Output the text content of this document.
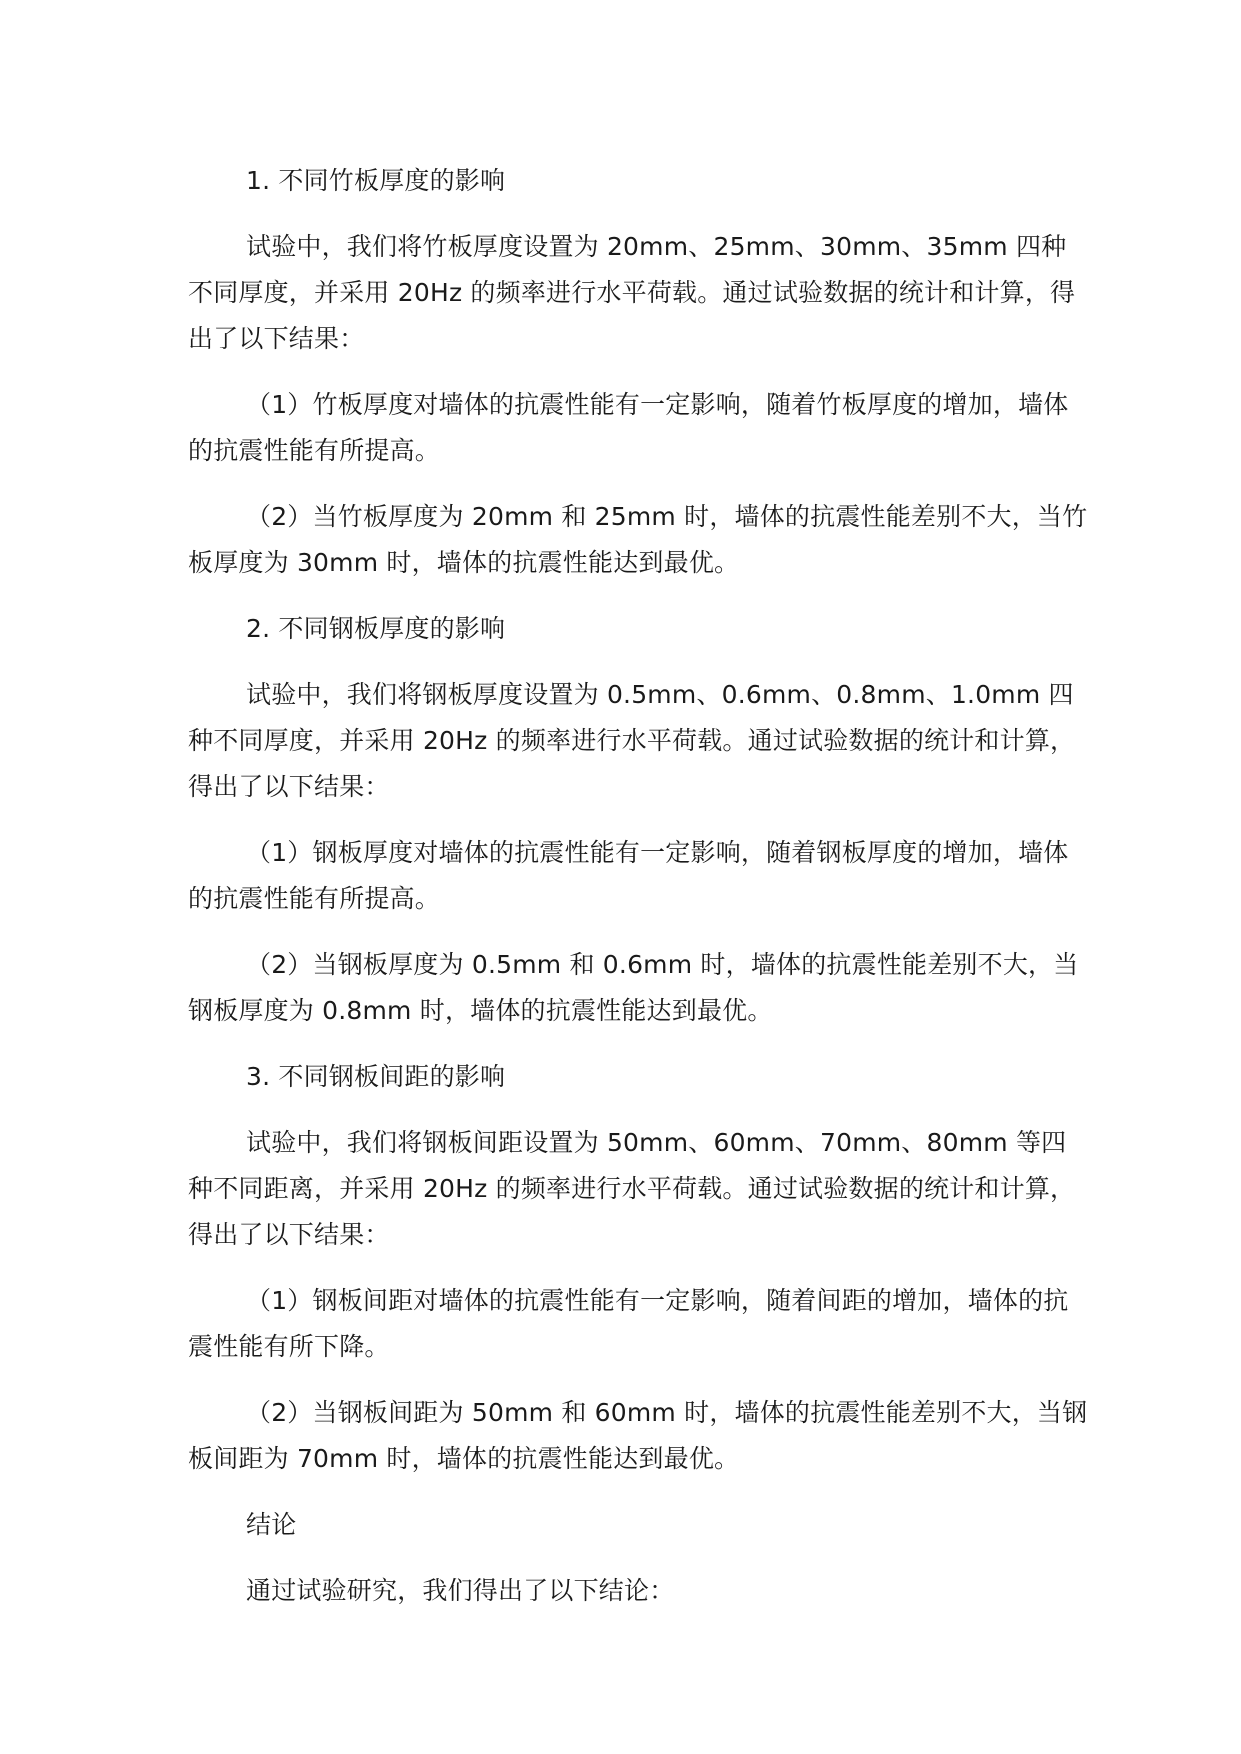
1. 不同竹板厚度的影响

试验中，我们将竹板厚度设置为 20mm、25mm、30mm、35mm 四种不同厚度，并采用 20Hz 的频率进行水平荷载。通过试验数据的统计和计算，得出了以下结果：

（1）竹板厚度对墙体的抗震性能有一定影响，随着竹板厚度的增加，墙体的抗震性能有所提高。

（2）当竹板厚度为 20mm 和 25mm 时，墙体的抗震性能差别不大，当竹板厚度为 30mm 时，墙体的抗震性能达到最优。

2. 不同钢板厚度的影响

试验中，我们将钢板厚度设置为 0.5mm、0.6mm、0.8mm、1.0mm 四种不同厚度，并采用 20Hz 的频率进行水平荷载。通过试验数据的统计和计算，得出了以下结果：

（1）钢板厚度对墙体的抗震性能有一定影响，随着钢板厚度的增加，墙体的抗震性能有所提高。

（2）当钢板厚度为 0.5mm 和 0.6mm 时，墙体的抗震性能差别不大，当钢板厚度为 0.8mm 时，墙体的抗震性能达到最优。

3. 不同钢板间距的影响

试验中，我们将钢板间距设置为 50mm、60mm、70mm、80mm 等四种不同距离，并采用 20Hz 的频率进行水平荷载。通过试验数据的统计和计算，得出了以下结果：

（1）钢板间距对墙体的抗震性能有一定影响，随着间距的增加，墙体的抗震性能有所下降。

（2）当钢板间距为 50mm 和 60mm 时，墙体的抗震性能差别不大，当钢板间距为 70mm 时，墙体的抗震性能达到最优。

结论

通过试验研究，我们得出了以下结论：
